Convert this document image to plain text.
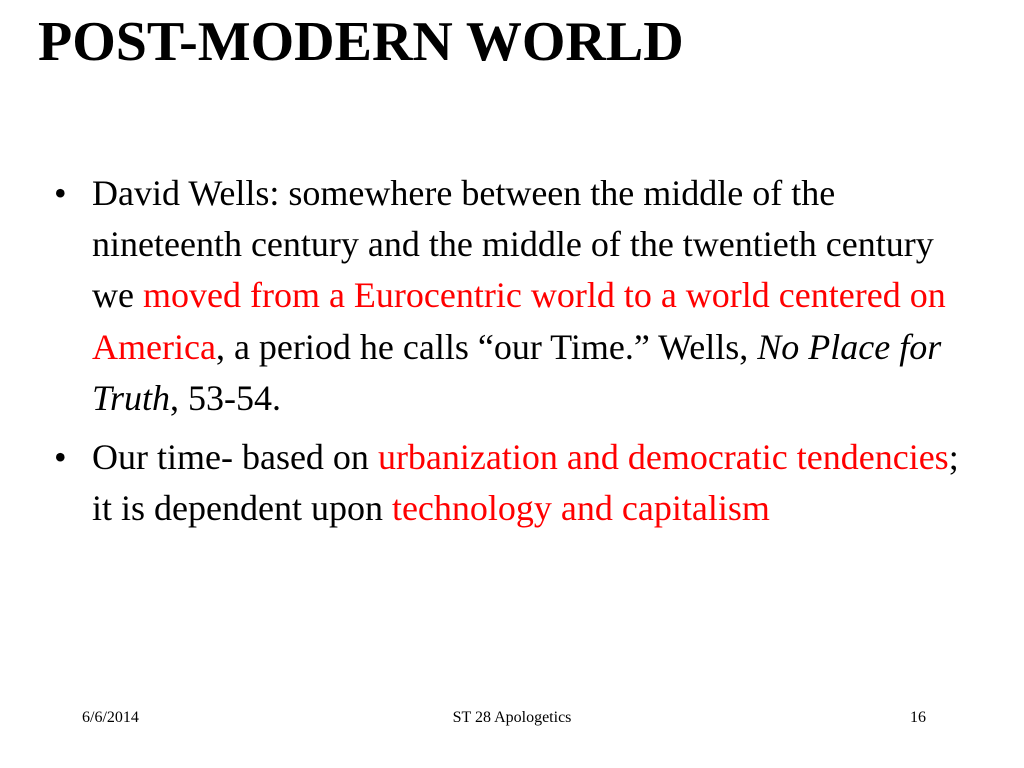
POST-MODERN WORLD
• David Wells: somewhere between the middle of the nineteenth century and the middle of the twentieth century we moved from a Eurocentric world to a world centered on America, a period he calls “our Time.” Wells, No Place for Truth, 53-54.
• Our time- based on urbanization and democratic tendencies; it is dependent upon technology and capitalism
6/6/2014	ST 28 Apologetics	16
